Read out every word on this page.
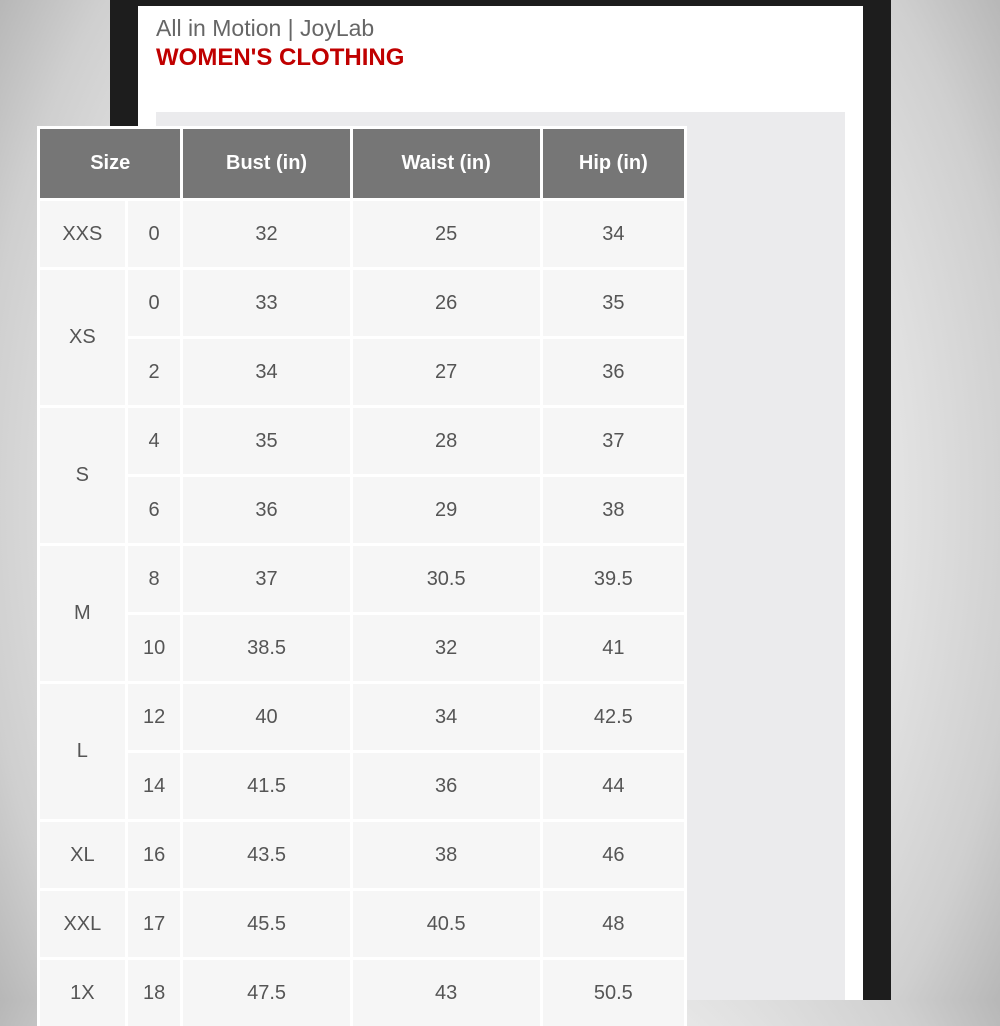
All in Motion | JoyLab
WOMEN'S CLOTHING
Size		Bust (in)	Waist (in)	Hip (in)
XXS	0	32	25	34
XS	0	33	26	35
	2	34	27	36
S	4	35	28	37
	6	36	29	38
M	8	37	30.5	39.5
	10	38.5	32	41
L	12	40	34	42.5
	14	41.5	36	44
XL	16	43.5	38	46
XXL	17	45.5	40.5	48
1X	18	47.5	43	50.5
